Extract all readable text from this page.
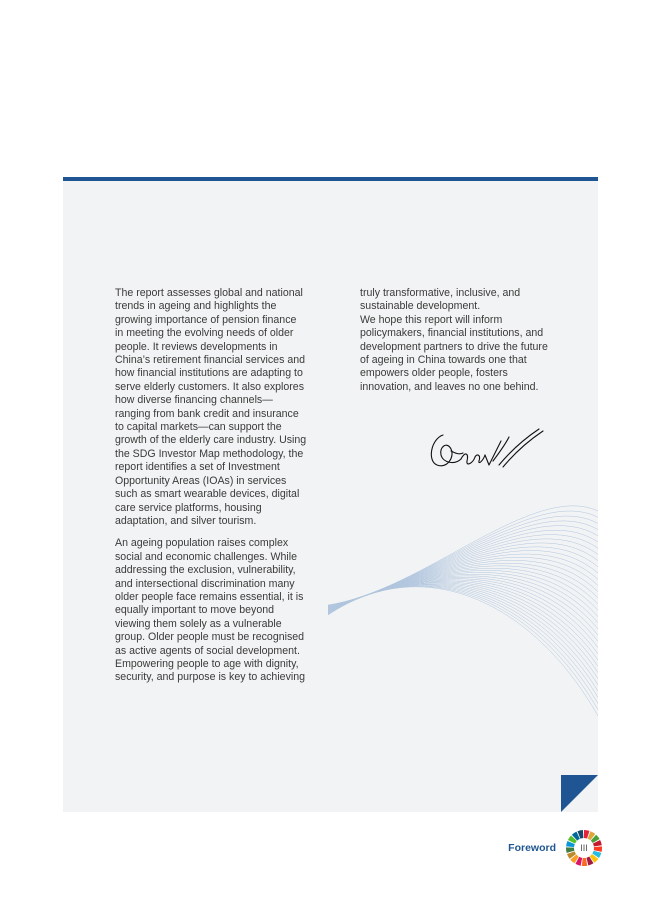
The report assesses global and national trends in ageing and highlights the growing importance of pension finance in meeting the evolving needs of older people. It reviews developments in China’s retirement financial services and how financial institutions are adapting to serve elderly customers. It also explores how diverse financing channels—ranging from bank credit and insurance to capital markets—can support the growth of the elderly care industry. Using the SDG Investor Map methodology, the report identifies a set of Investment Opportunity Areas (IOAs) in services such as smart wearable devices, digital care service platforms, housing adaptation, and silver tourism.

An ageing population raises complex social and economic challenges. While addressing the exclusion, vulnerability, and intersectional discrimination many older people face remains essential, it is equally important to move beyond viewing them solely as a vulnerable group. Older people must be recognised as active agents of social development. Empowering people to age with dignity, security, and purpose is key to achieving

truly transformative, inclusive, and sustainable development.

We hope this report will inform policymakers, financial institutions, and development partners to drive the future of ageing in China towards one that empowers older people, fosters innovation, and leaves no one behind.

Foreword	III
